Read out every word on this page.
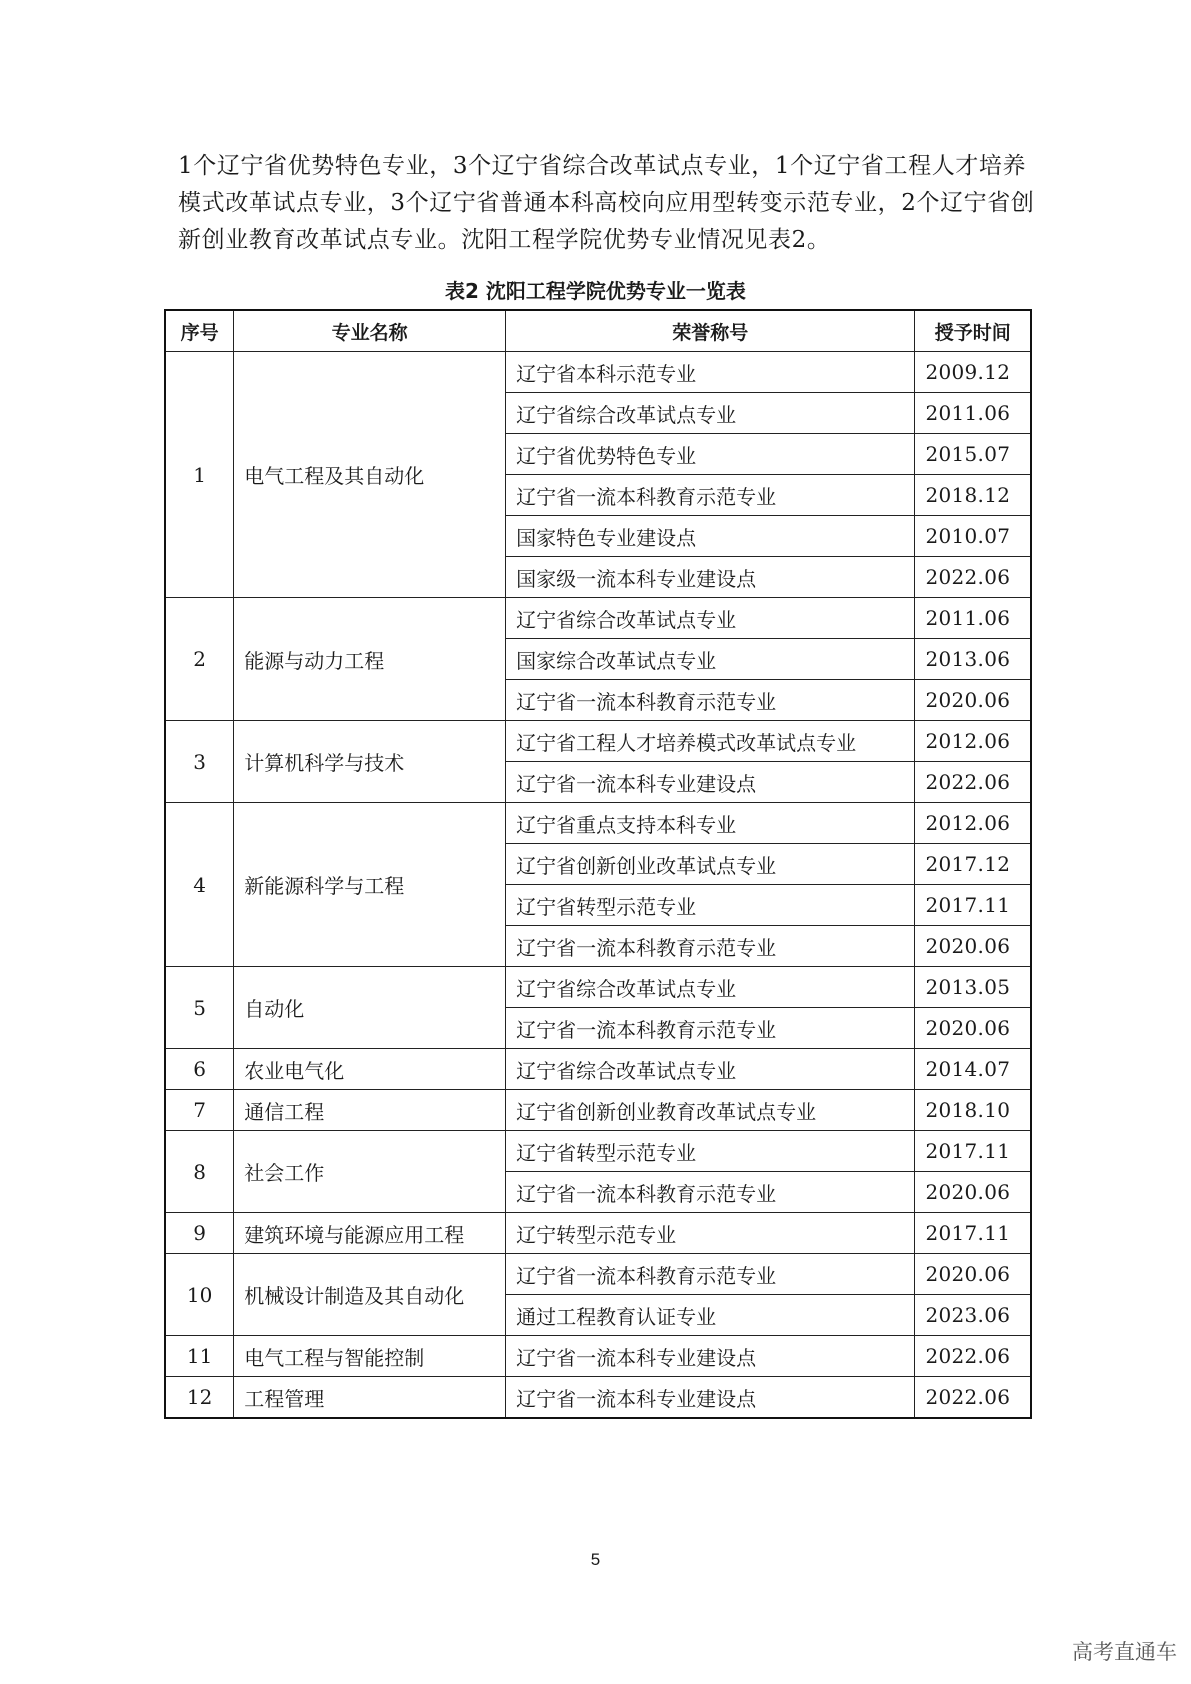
1个辽宁省优势特色专业，3个辽宁省综合改革试点专业，1个辽宁省工程人才培养模式改革试点专业，3个辽宁省普通本科高校向应用型转变示范专业，2个辽宁省创新创业教育改革试点专业。沈阳工程学院优势专业情况见表2。

表2 沈阳工程学院优势专业一览表
序号	专业名称	荣誉称号	授予时间
1	电气工程及其自动化	辽宁省本科示范专业	2009.12
		辽宁省综合改革试点专业	2011.06
		辽宁省优势特色专业	2015.07
		辽宁省一流本科教育示范专业	2018.12
		国家特色专业建设点	2010.07
		国家级一流本科专业建设点	2022.06
2	能源与动力工程	辽宁省综合改革试点专业	2011.06
		国家综合改革试点专业	2013.06
		辽宁省一流本科教育示范专业	2020.06
3	计算机科学与技术	辽宁省工程人才培养模式改革试点专业	2012.06
		辽宁省一流本科专业建设点	2022.06
4	新能源科学与工程	辽宁省重点支持本科专业	2012.06
		辽宁省创新创业改革试点专业	2017.12
		辽宁省转型示范专业	2017.11
		辽宁省一流本科教育示范专业	2020.06
5	自动化	辽宁省综合改革试点专业	2013.05
		辽宁省一流本科教育示范专业	2020.06
6	农业电气化	辽宁省综合改革试点专业	2014.07
7	通信工程	辽宁省创新创业教育改革试点专业	2018.10
8	社会工作	辽宁省转型示范专业	2017.11
		辽宁省一流本科教育示范专业	2020.06
9	建筑环境与能源应用工程	辽宁转型示范专业	2017.11
10	机械设计制造及其自动化	辽宁省一流本科教育示范专业	2020.06
		通过工程教育认证专业	2023.06
11	电气工程与智能控制	辽宁省一流本科专业建设点	2022.06
12	工程管理	辽宁省一流本科专业建设点	2022.06
5
高考直通车
